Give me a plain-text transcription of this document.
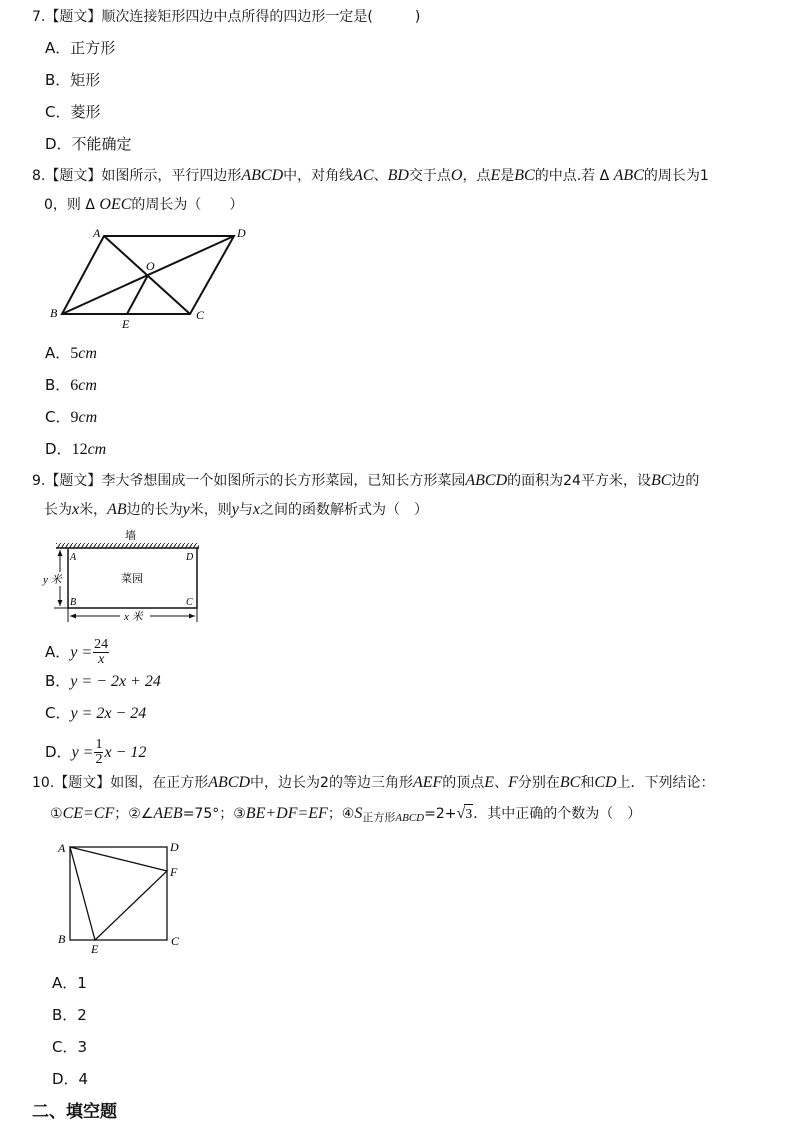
7.【题文】顺次连接矩形四边中点所得的四边形一定是(　　　)
A．正方形
B．矩形
C．菱形
D．不能确定
8.【题文】如图所示，平行四边形ABCD中，对角线AC、BD交于点O，点E是BC的中点.若 Δ ABC的周长为1
0，则 Δ OEC的周长为（　　）
A	D
O
B
E
C
A．5cm
B．6cm
C．9cm
D．12cm
9.【题文】李大爷想围成一个如图所示的长方形菜园，已知长方形菜园ABCD的面积为24平方米，设BC边的
长为x米，AB边的长为y米，则y与x之间的函数解析式为（　）
墙
y 米
x 米
菜园
A	D
B	C
A．$y = \frac{24}{x}$
B．y = − 2x + 24
C．y = 2x − 24
D．$y = \frac{1}{2}$ x − 12
10.【题文】如图，在正方形ABCD中，边长为2的等边三角形AEF的顶点E、F分别在BC和CD上．下列结论：
①CE=CF；②∠AEB=75°；③BE+DF=EF；$④S_{正方形ABCD}=2+√3$．其中正确的个数为（　）
A	D
F
B
E
C
A．1
B．2
C．3
D．4
二、填空题
